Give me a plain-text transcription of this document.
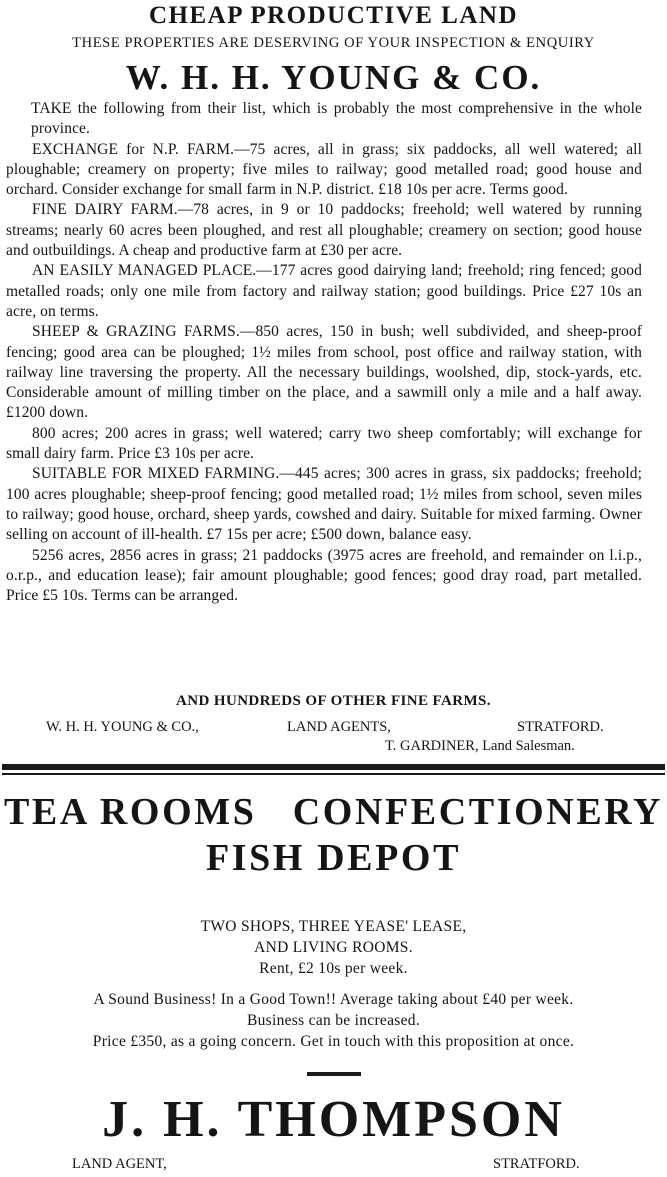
CHEAP PRODUCTIVE LAND
THESE PROPERTIES ARE DESERVING OF YOUR INSPECTION & ENQUIRY
W. H. H. YOUNG & CO.

TAKE the following from their list, which is probably the most comprehensive in the whole province.

EXCHANGE for N.P. FARM.—75 acres, all in grass; six paddocks, all well watered; all ploughable; creamery on property; five miles to railway; good metalled road; good house and orchard. Consider exchange for small farm in N.P. district. £18 10s per acre. Terms good.

FINE DAIRY FARM.—78 acres, in 9 or 10 paddocks; freehold; well watered by running streams; nearly 60 acres been ploughed, and rest all ploughable; creamery on section; good house and outbuildings. A cheap and productive farm at £30 per acre.

AN EASILY MANAGED PLACE.—177 acres good dairying land; freehold; ring fenced; good metalled roads; only one mile from factory and railway station; good buildings. Price £27 10s an acre, on terms.

SHEEP & GRAZING FARMS.—850 acres, 150 in bush; well subdivided, and sheep-proof fencing; good area can be ploughed; 1½ miles from school, post office and railway station, with railway line traversing the property. All the necessary buildings, woolshed, dip, stock-yards, etc. Considerable amount of milling timber on the place, and a sawmill only a mile and a half away. £1200 down.

800 acres; 200 acres in grass; well watered; carry two sheep comfortably; will exchange for small dairy farm. Price £3 10s per acre.

SUITABLE FOR MIXED FARMING.—445 acres; 300 acres in grass, six paddocks; freehold; 100 acres ploughable; sheep-proof fencing; good metalled road; 1½ miles from school, seven miles to railway; good house, orchard, sheep yards, cowshed and dairy. Suitable for mixed farming. Owner selling on account of ill-health. £7 15s per acre; £500 down, balance easy.

5256 acres, 2856 acres in grass; 21 paddocks (3975 acres are freehold, and remainder on l.i.p., o.r.p., and education lease); fair amount ploughable; good fences; good dray road, part metalled. Price £5 10s. Terms can be arranged.

AND HUNDREDS OF OTHER FINE FARMS.
W. H. H. YOUNG & CO.,	LAND AGENTS,	STRATFORD.
T. GARDINER, Land Salesman.
TEA ROOMS   CONFECTIONERY
FISH DEPOT
TWO SHOPS, THREE YEASE' LEASE,
AND LIVING ROOMS.
Rent, £2 10s per week.
A Sound Business! In a Good Town!! Average taking about £40 per week.
Business can be increased.
Price £350, as a going concern. Get in touch with this proposition at once.
J. H. THOMPSON
LAND AGENT,	STRATFORD.
